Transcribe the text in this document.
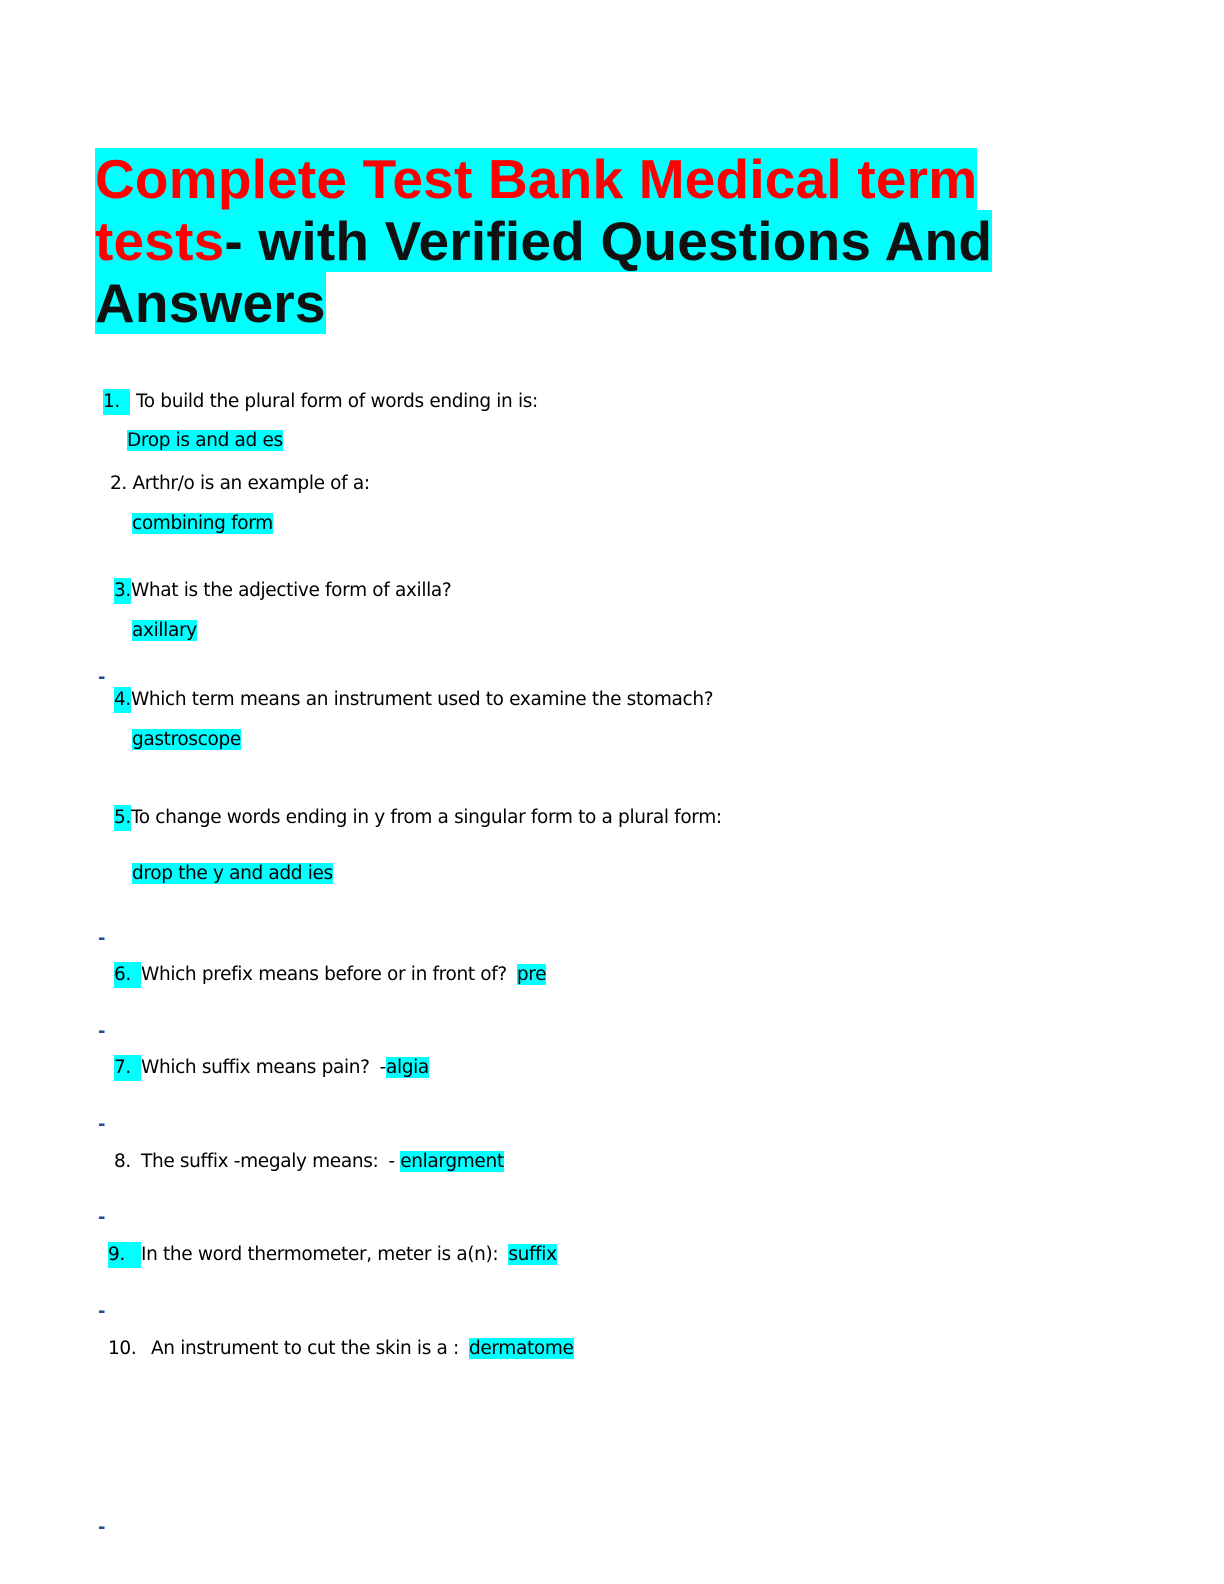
Complete Test Bank Medical term
tests- with Verified Questions And
Answers
1. To build the plural form of words ending in is:
Drop is and ad es
2. Arthr/o is an example of a:
combining form
3.What is the adjective form of axilla?
axillary
-
4.Which term means an instrument used to examine the stomach?
gastroscope
5.To change words ending in y from a singular form to a plural form:
drop the y and add ies
-
6. Which prefix means before or in front of? pre
-
7. Which suffix means pain? -algia
-
8. The suffix -megaly means: - enlargment
-
9. In the word thermometer, meter is a(n): suffix
-
10. An instrument to cut the skin is a : dermatome
-
